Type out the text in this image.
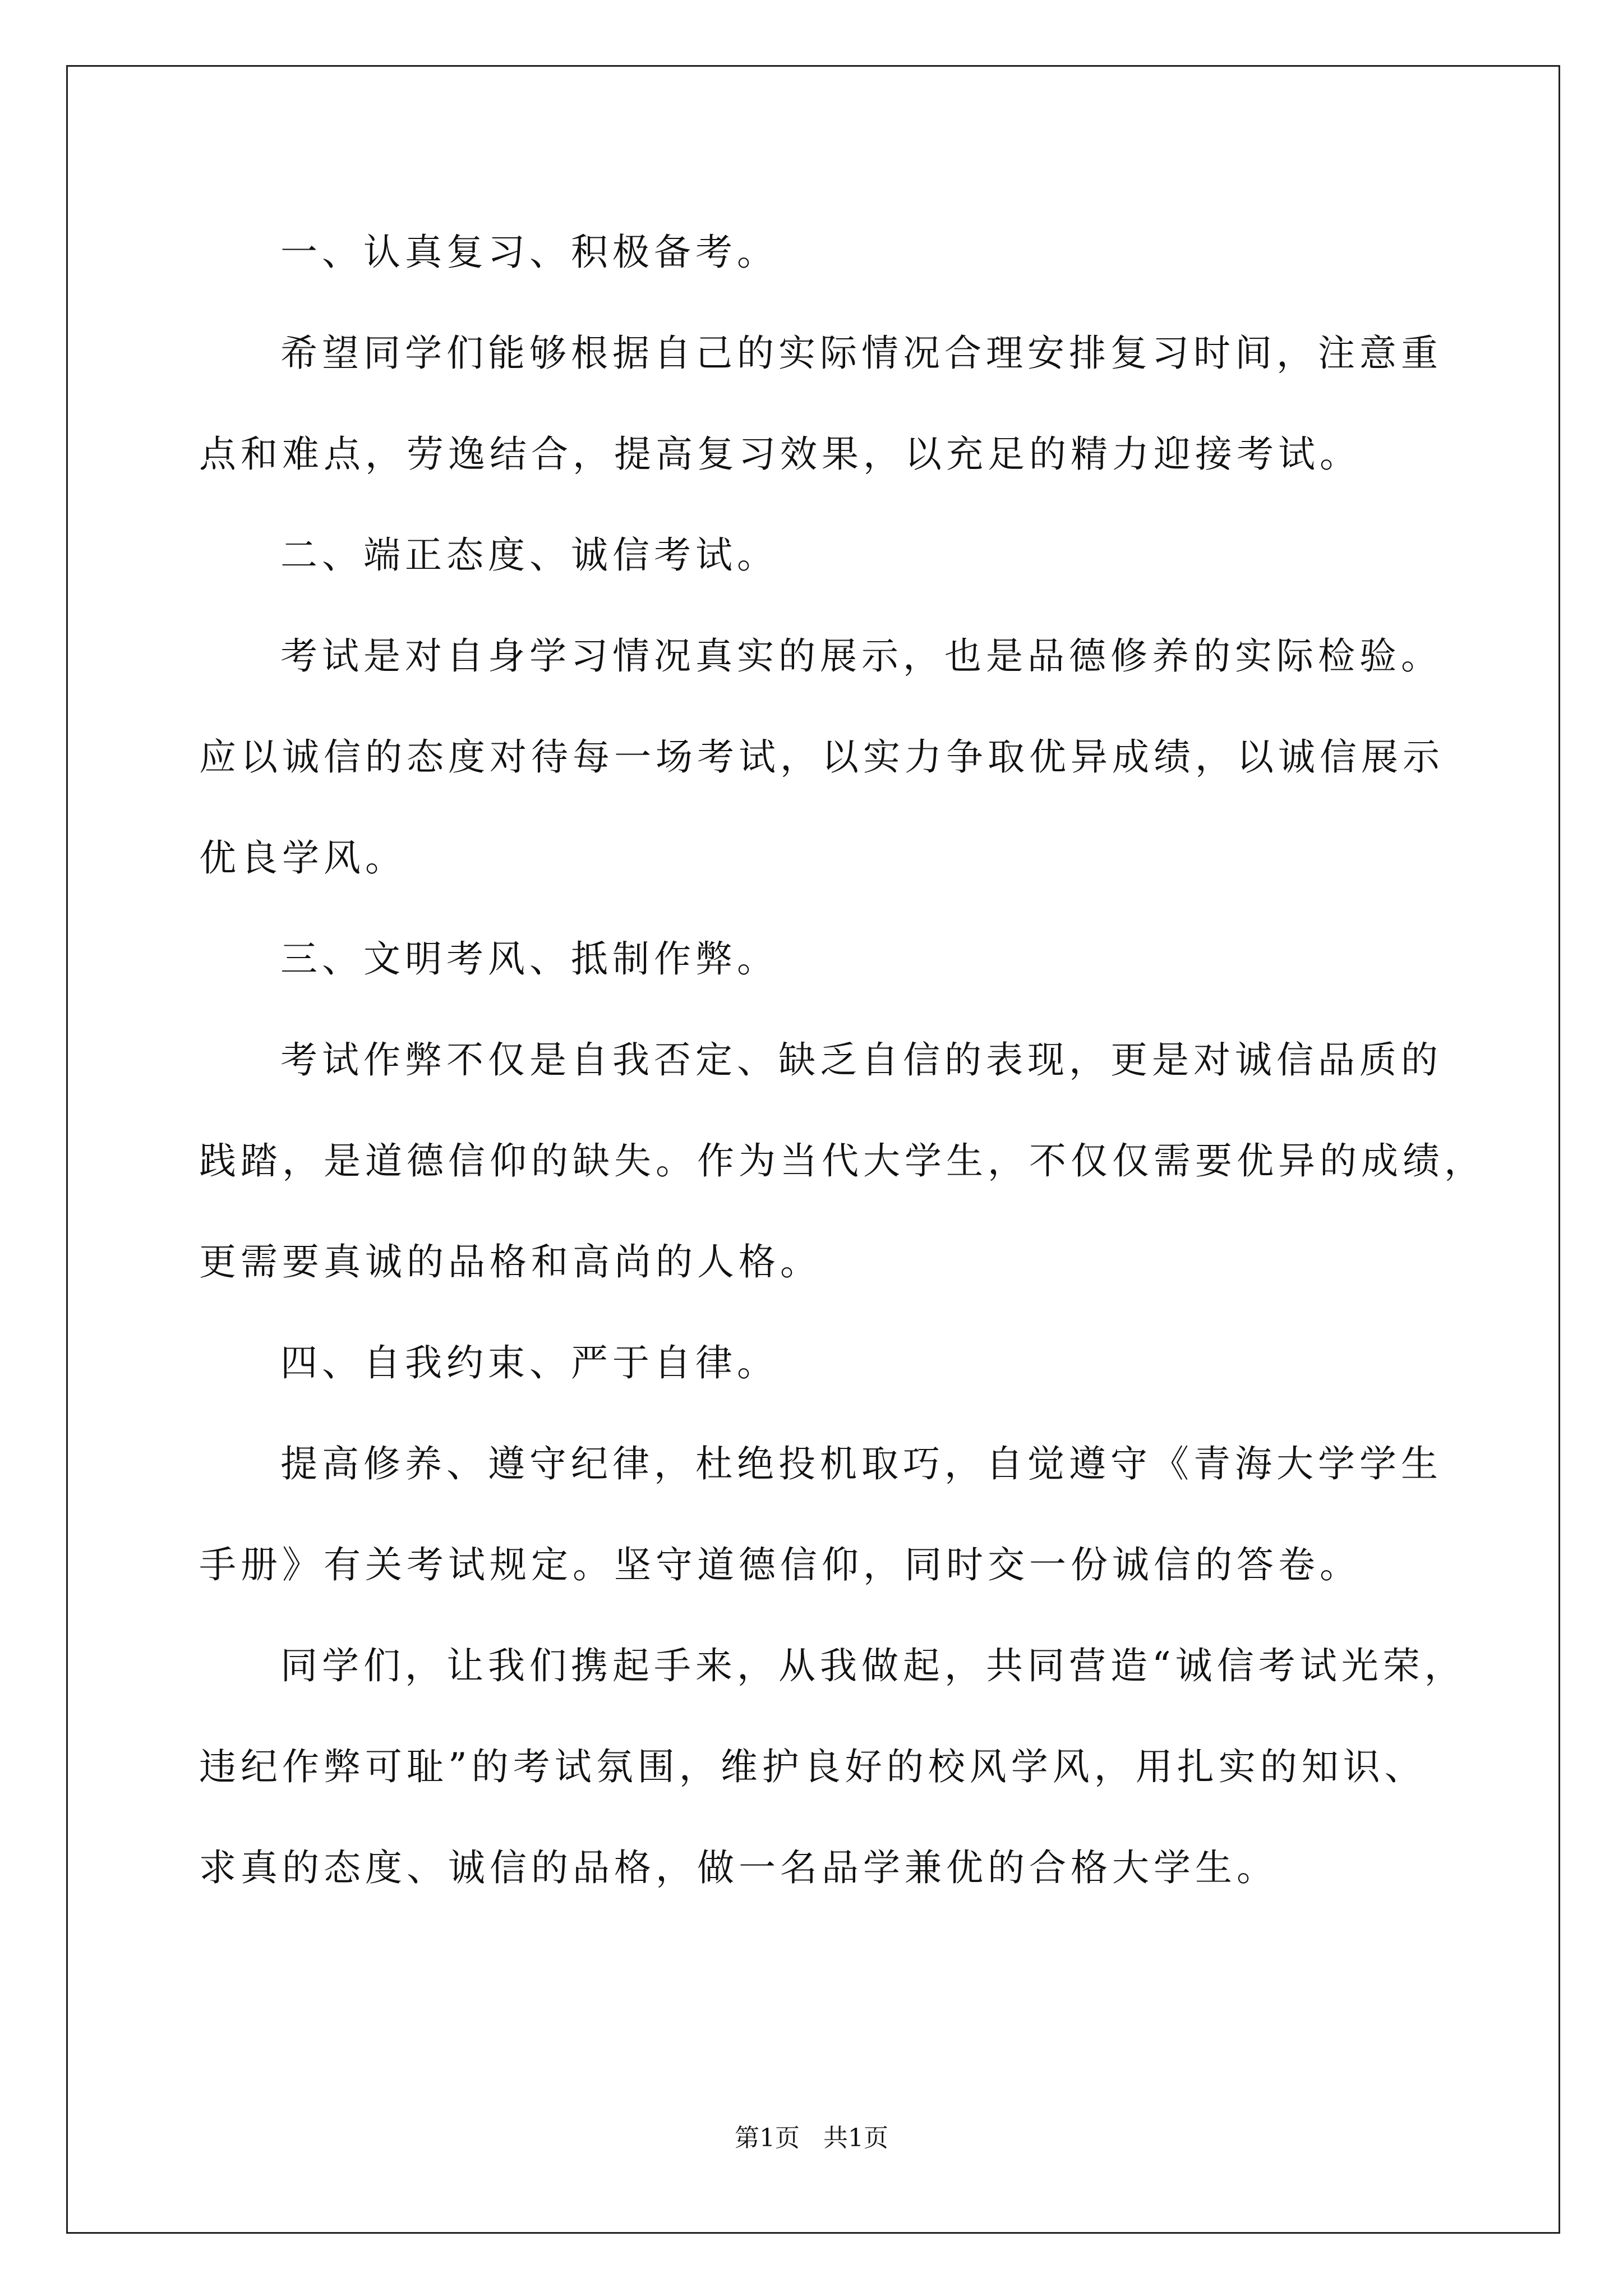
一、认真复习、积极备考。

希望同学们能够根据自己的实际情况合理安排复习时间，注意重

点和难点，劳逸结合，提高复习效果，以充足的精力迎接考试。

二、端正态度、诚信考试。

考试是对自身学习情况真实的展示，也是品德修养的实际检验。

应以诚信的态度对待每一场考试，以实力争取优异成绩，以诚信展示

优良学风。

三、文明考风、抵制作弊。

考试作弊不仅是自我否定、缺乏自信的表现，更是对诚信品质的

践踏，是道德信仰的缺失。作为当代大学生，不仅仅需要优异的成绩，

更需要真诚的品格和高尚的人格。

四、自我约束、严于自律。

提高修养、遵守纪律，杜绝投机取巧，自觉遵守《青海大学学生

手册》有关考试规定。坚守道德信仰，同时交一份诚信的答卷。

同学们，让我们携起手来，从我做起，共同营造“诚信考试光荣，

违纪作弊可耻”的考试氛围，维护良好的校风学风，用扎实的知识、

求真的态度、诚信的品格，做一名品学兼优的合格大学生。

第1页 共1页
